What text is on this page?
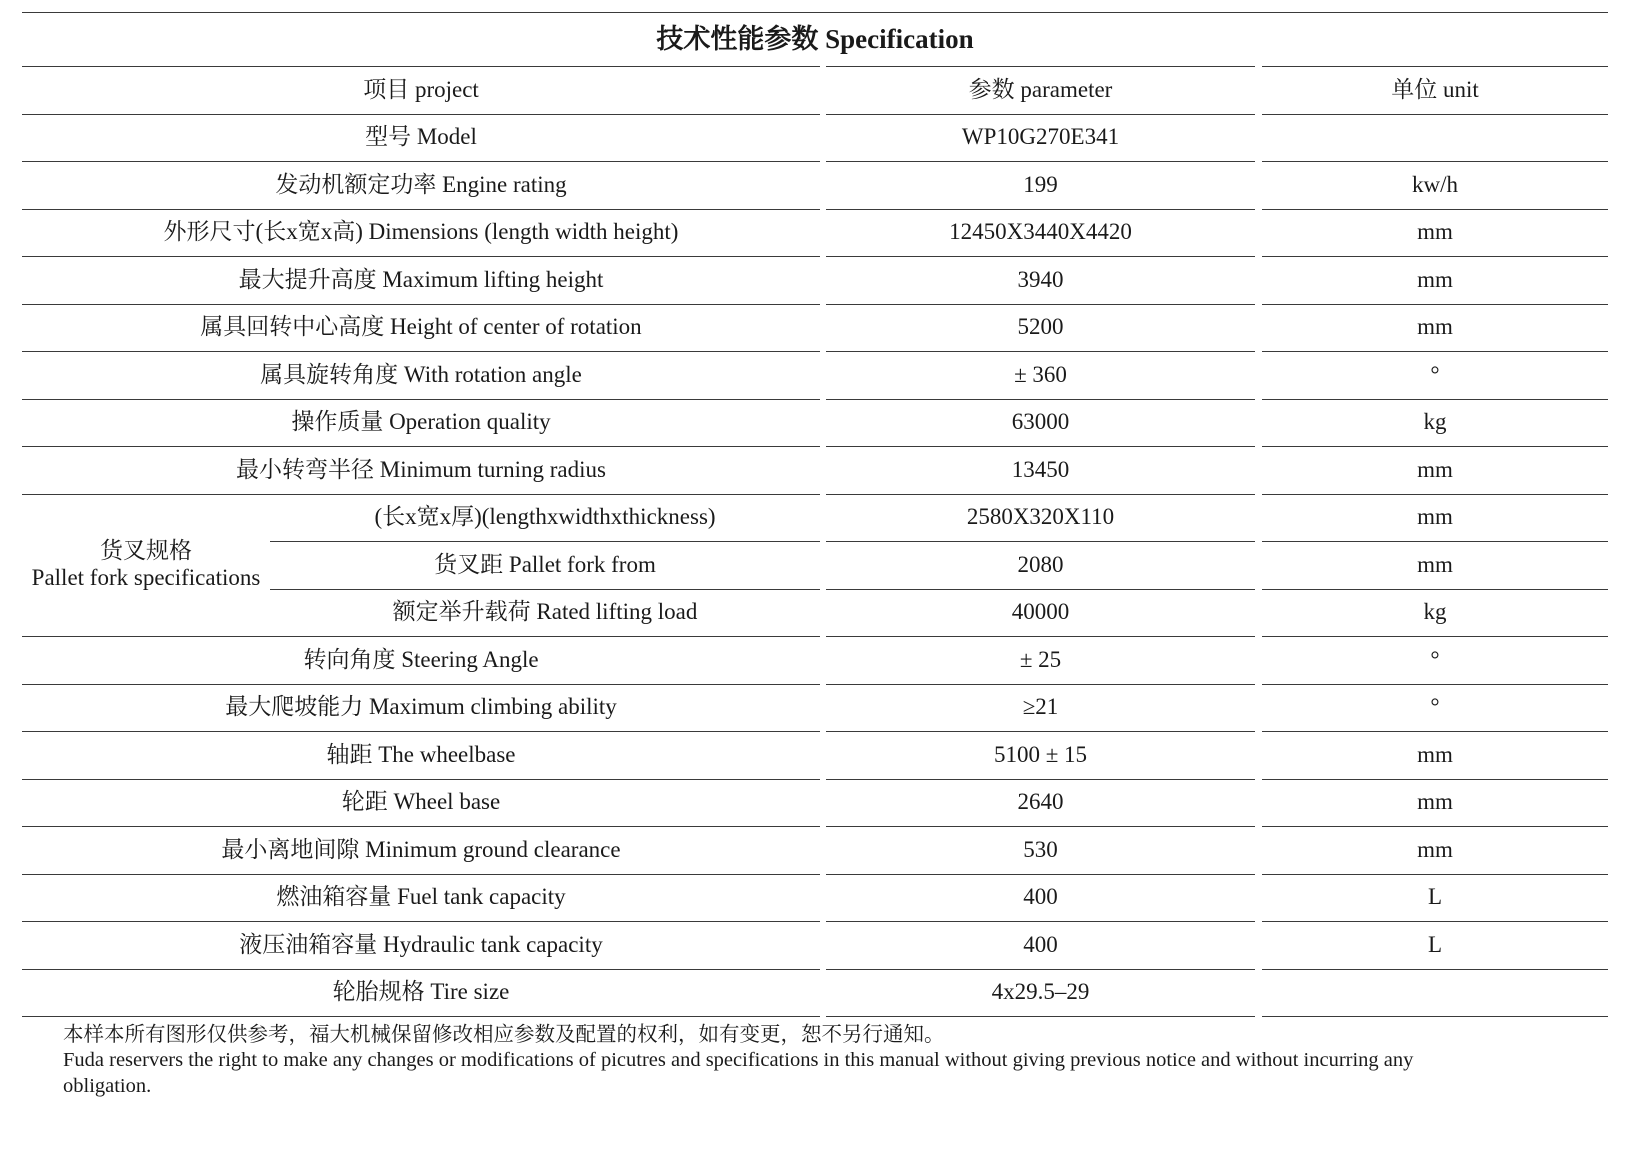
技术性能参数 Specification
项目 project	参数 parameter	单位 unit
型号 Model	WP10G270E341
发动机额定功率 Engine rating	199	kw/h
外形尺寸(长x宽x高) Dimensions (length width height)	12450X3440X4420	mm
最大提升高度 Maximum lifting height	3940	mm
属具回转中心高度 Height of center of rotation	5200	mm
属具旋转角度 With rotation angle	± 360	°
操作质量 Operation quality	63000	kg
最小转弯半径 Minimum turning radius	13450	mm
货叉规格
Pallet fork specifications
(长x宽x厚)(lengthxwidthxthickness)	2580X320X110	mm
货叉距 Pallet fork from	2080	mm
额定举升载荷 Rated lifting load	40000	kg
转向角度 Steering Angle	± 25	°
最大爬坡能力 Maximum climbing ability	≥21	°
轴距 The wheelbase	5100 ± 15	mm
轮距 Wheel base	2640	mm
最小离地间隙 Minimum ground clearance	530	mm
燃油箱容量 Fuel tank capacity	400	L
液压油箱容量 Hydraulic tank capacity	400	L
轮胎规格 Tire size	4x29.5–29
本样本所有图形仅供参考，福大机械保留修改相应参数及配置的权利，如有变更，恕不另行通知。
Fuda reservers the right to make any changes or modifications of picutres and specifications in this manual without giving previous notice and without incurring any obligation.
